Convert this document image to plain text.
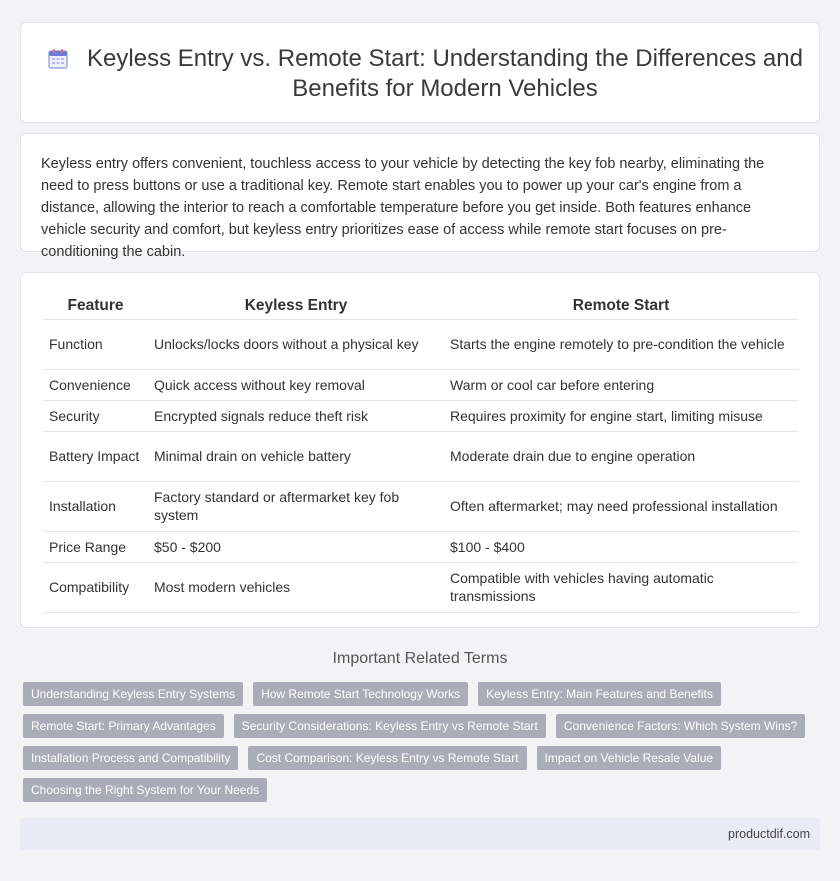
Keyless Entry vs. Remote Start: Understanding the Differences and Benefits for Modern Vehicles

Keyless entry offers convenient, touchless access to your vehicle by detecting the key fob nearby, eliminating the need to press buttons or use a traditional key. Remote start enables you to power up your car's engine from a distance, allowing the interior to reach a comfortable temperature before you get inside. Both features enhance vehicle security and comfort, but keyless entry prioritizes ease of access while remote start focuses on pre-conditioning the cabin.

Feature	Keyless Entry	Remote Start
Function	Unlocks/locks doors without a physical key	Starts the engine remotely to pre-condition the vehicle
Convenience	Quick access without key removal	Warm or cool car before entering
Security	Encrypted signals reduce theft risk	Requires proximity for engine start, limiting misuse
Battery Impact	Minimal drain on vehicle battery	Moderate drain due to engine operation
Installation	Factory standard or aftermarket key fob system	Often aftermarket; may need professional installation
Price Range	$50 - $200	$100 - $400
Compatibility	Most modern vehicles	Compatible with vehicles having automatic transmissions
Important Related Terms
Understanding Keyless Entry Systems	How Remote Start Technology Works	Keyless Entry: Main Features and Benefits
Remote Start: Primary Advantages	Security Considerations: Keyless Entry vs Remote Start	Convenience Factors: Which System Wins?
Installation Process and Compatibility	Cost Comparison: Keyless Entry vs Remote Start	Impact on Vehicle Resale Value
Choosing the Right System for Your Needs
productdif.com
